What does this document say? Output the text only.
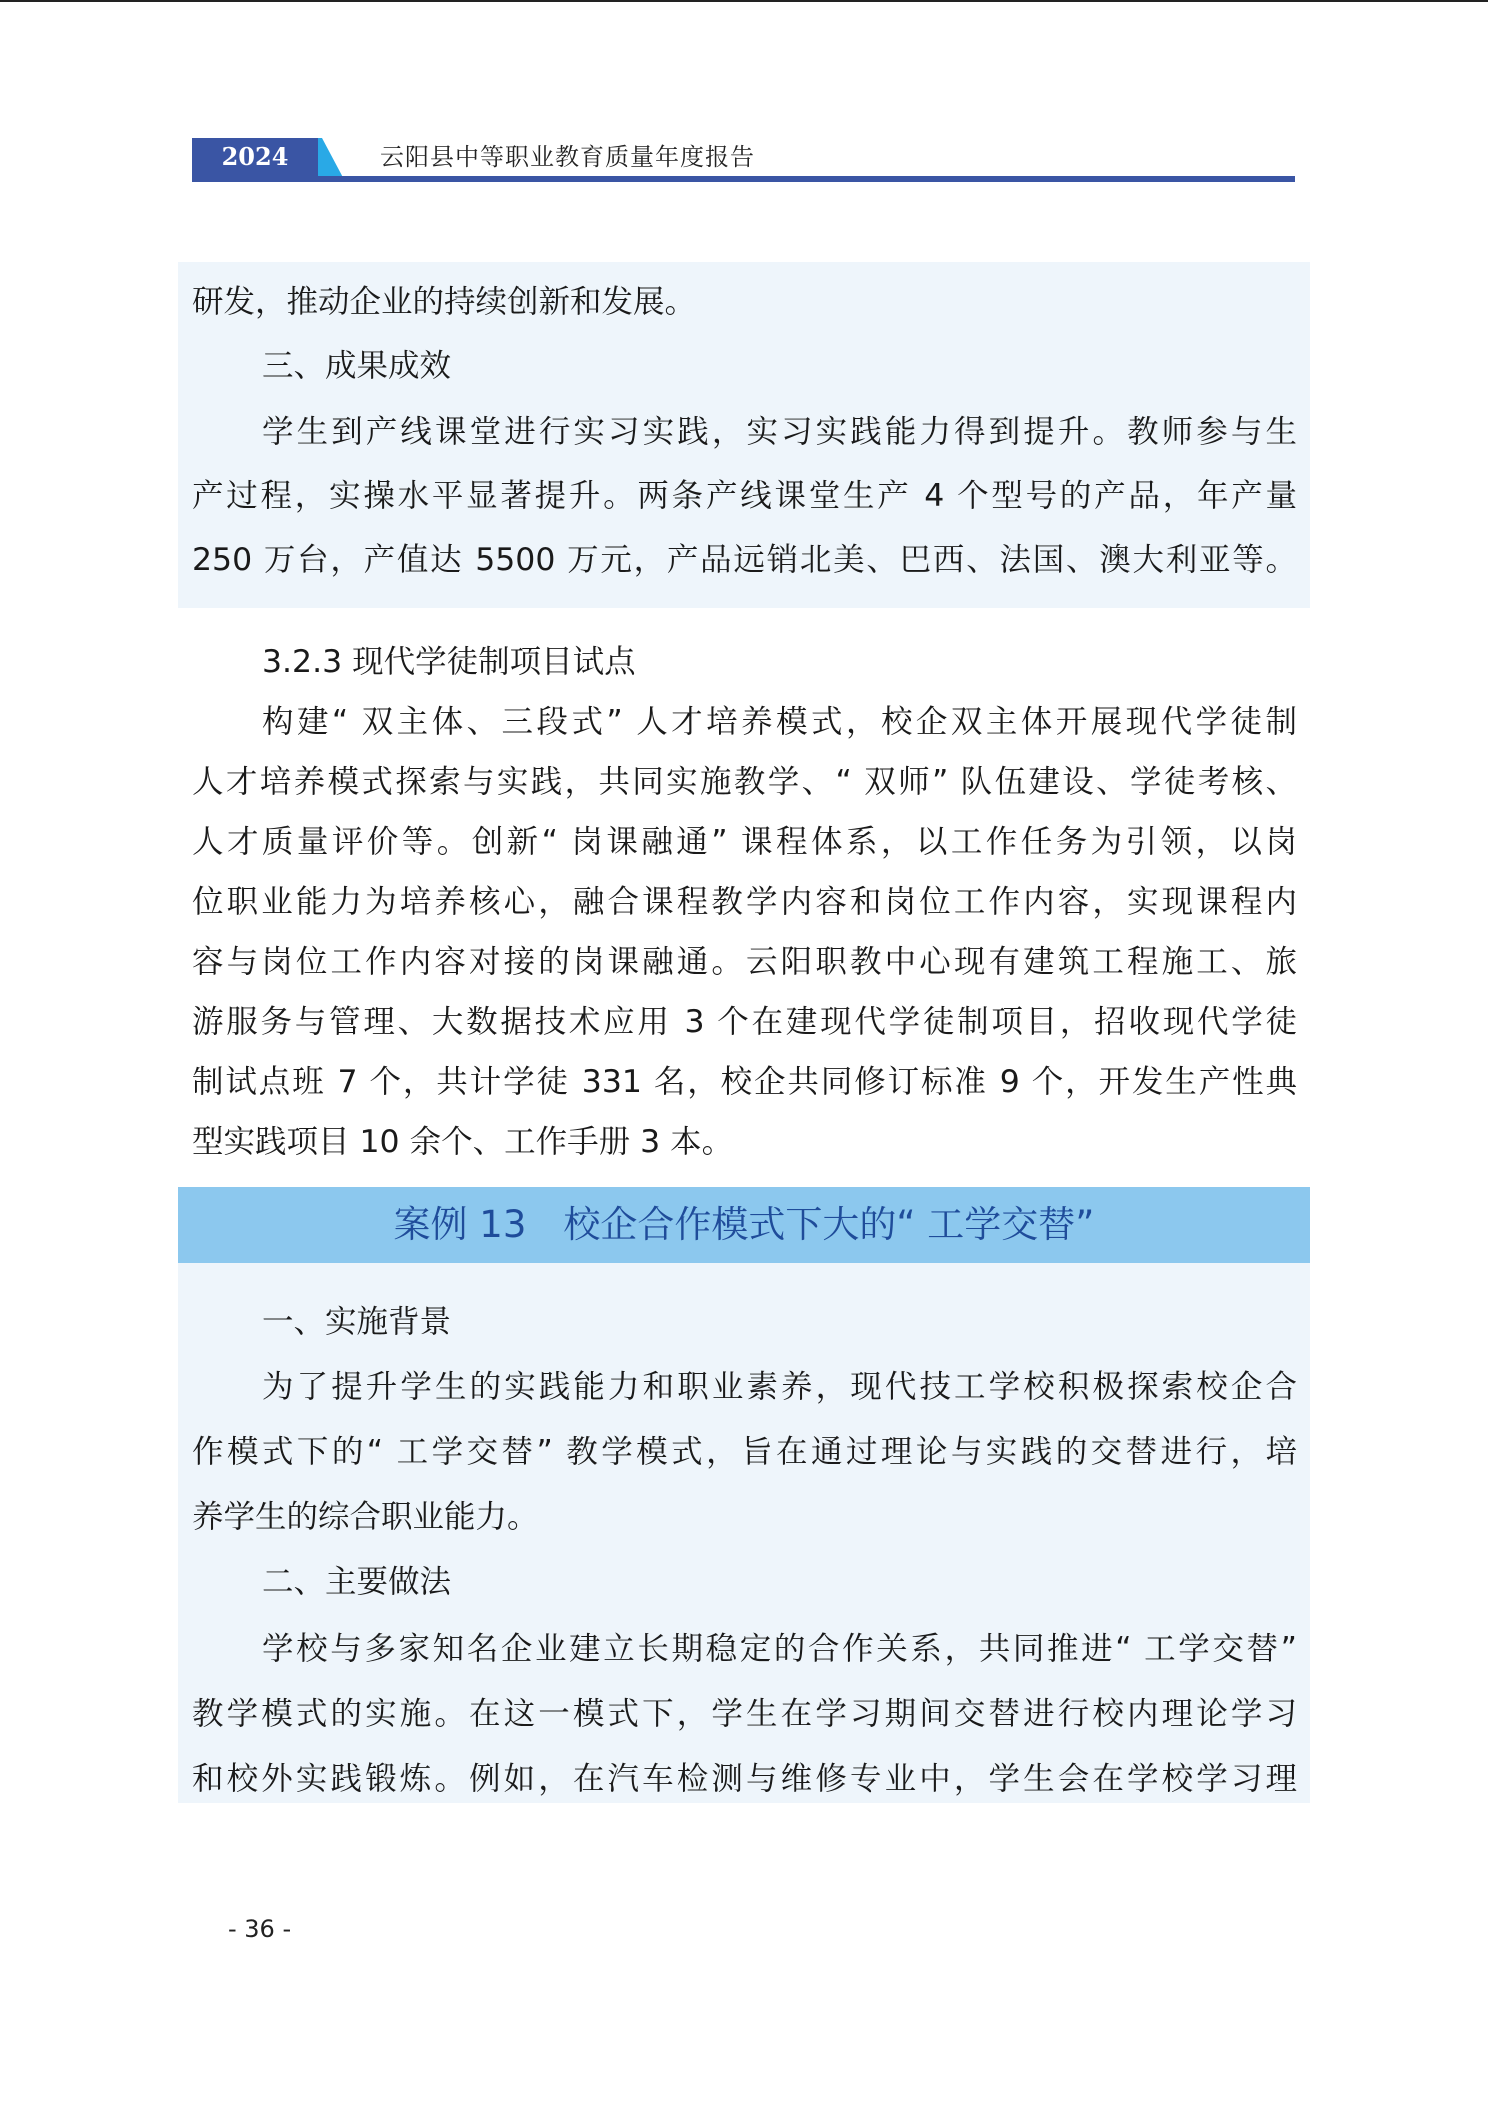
2024	云阳县中等职业教育质量年度报告
研发，推动企业的持续创新和发展。
三、成果成效
学生到产线课堂进行实习实践，实习实践能力得到提升。教师参与生
产过程，实操水平显著提升。两条产线课堂生产 4 个型号的产品，年产量
250 万台，产值达 5500 万元，产品远销北美、巴西、法国、澳大利亚等。
3.2.3 现代学徒制项目试点
构建“ 双主体、三段式” 人才培养模式，校企双主体开展现代学徒制
人才培养模式探索与实践，共同实施教学、“ 双师” 队伍建设、学徒考核、
人才质量评价等。创新“ 岗课融通” 课程体系，以工作任务为引领，以岗
位职业能力为培养核心，融合课程教学内容和岗位工作内容，实现课程内
容与岗位工作内容对接的岗课融通。云阳职教中心现有建筑工程施工、旅
游服务与管理、大数据技术应用 3 个在建现代学徒制项目，招收现代学徒
制试点班 7 个，共计学徒 331 名，校企共同修订标准 9 个，开发生产性典
型实践项目 10 余个、工作手册 3 本。
案例 13　校企合作模式下大的“ 工学交替”
一、实施背景
为了提升学生的实践能力和职业素养，现代技工学校积极探索校企合
作模式下的“ 工学交替” 教学模式，旨在通过理论与实践的交替进行，培
养学生的综合职业能力。
二、主要做法
学校与多家知名企业建立长期稳定的合作关系，共同推进“ 工学交替”
教学模式的实施。在这一模式下，学生在学习期间交替进行校内理论学习
和校外实践锻炼。例如，在汽车检测与维修专业中，学生会在学校学习理
- 36 -
